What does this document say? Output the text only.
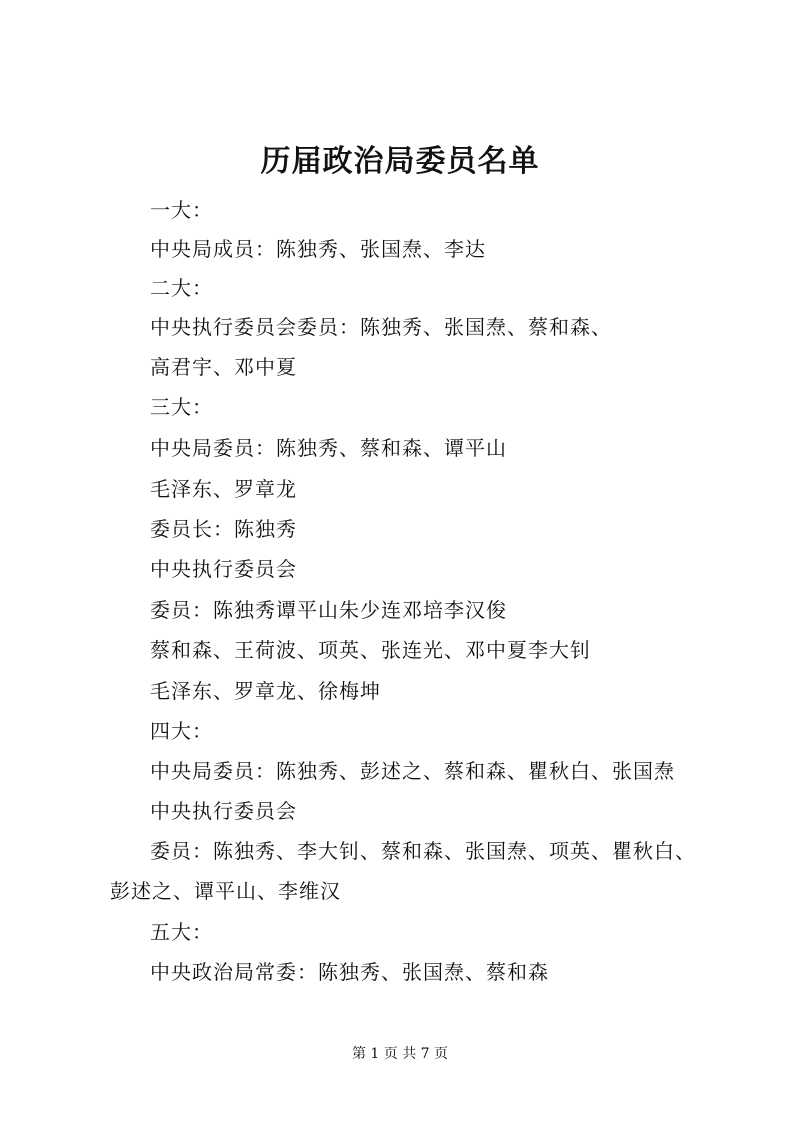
历届政治局委员名单
一大：
中央局成员：陈独秀、张国焘、李达
二大：
中央执行委员会委员：陈独秀、张国焘、蔡和森、
高君宇、邓中夏
三大：
中央局委员：陈独秀、蔡和森、谭平山
毛泽东、罗章龙
委员长：陈独秀
中央执行委员会
委员：陈独秀谭平山朱少连邓培李汉俊
蔡和森、王荷波、项英、张连光、邓中夏李大钊
毛泽东、罗章龙、徐梅坤
四大：
中央局委员：陈独秀、彭述之、蔡和森、瞿秋白、张国焘
中央执行委员会
委员：陈独秀、李大钊、蔡和森、张国焘、项英、瞿秋白、
彭述之、谭平山、李维汉
五大：
中央政治局常委：陈独秀、张国焘、蔡和森
第 1 页 共 7 页
